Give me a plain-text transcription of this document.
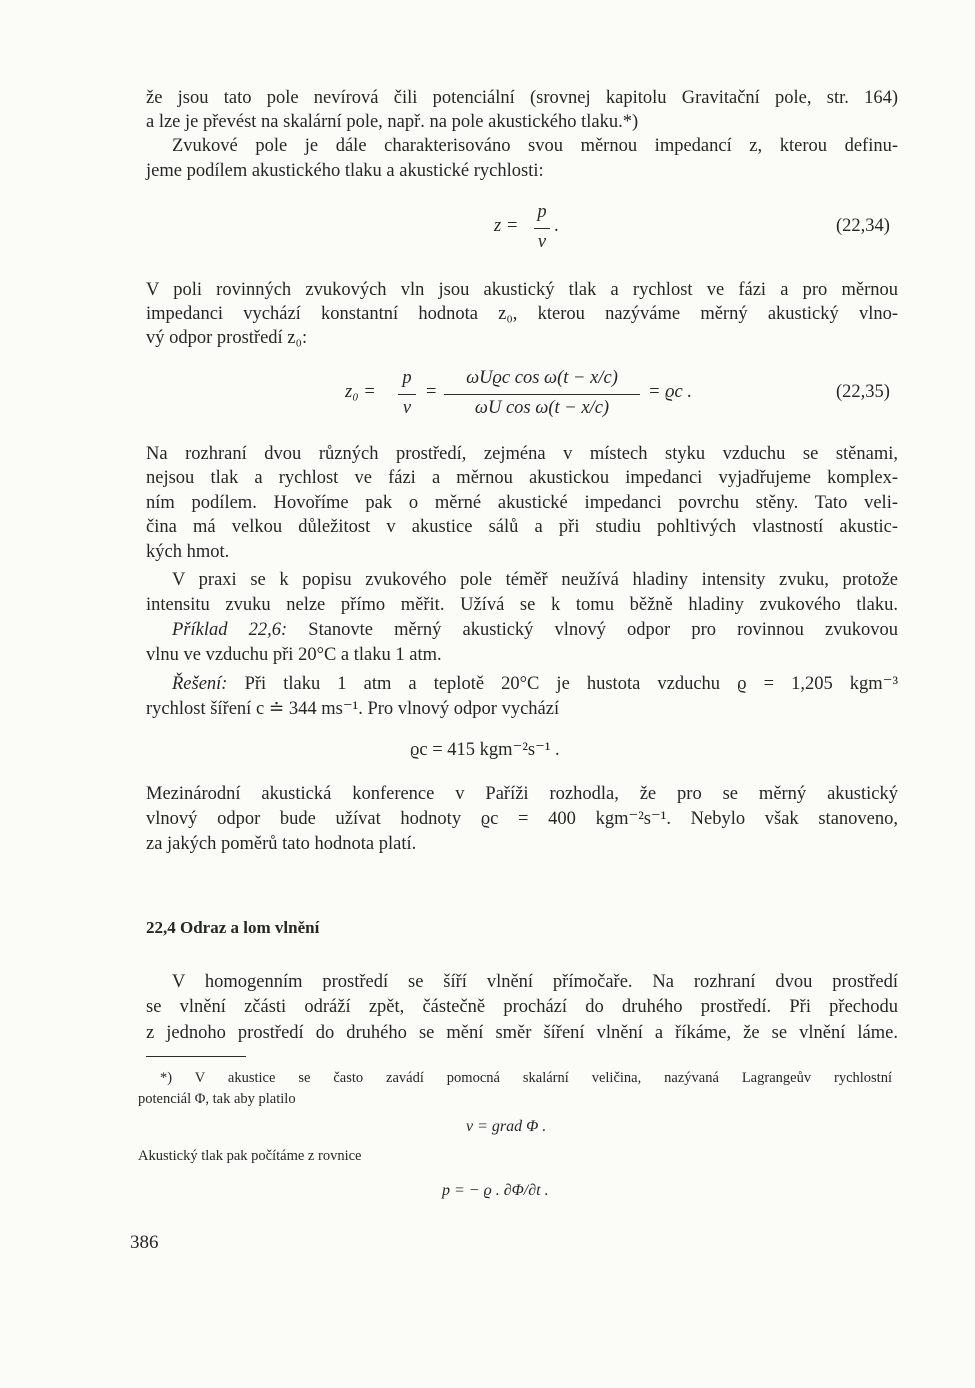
že jsou tato pole nevírová čili potenciální (srovnej kapitolu Gravitační pole, str. 164)
a lze je převést na skalární pole, např. na pole akustického tlaku.*)
Zvukové pole je dále charakterisováno svou měrnou impedancí z, kterou definu-
jeme podílem akustického tlaku a akustické rychlosti:
z =
p
v
.	(22,34)
V poli rovinných zvukových vln jsou akustický tlak a rychlost ve fázi a pro měrnou
impedanci vychází konstantní hodnota z₀, kterou nazýváme měrný akustický vlno-
vý odpor prostředí z₀:
z₀ =
p
v
=
ωUϱc cos ω(t − x/c)
ωU cos ω(t − x/c)
= ϱc .	(22,35)
Na rozhraní dvou různých prostředí, zejména v místech styku vzduchu se stěnami,
nejsou tlak a rychlost ve fázi a měrnou akustickou impedanci vyjadřujeme komplex-
ním podílem. Hovoříme pak o měrné akustické impedanci povrchu stěny. Tato veli-
čina má velkou důležitost v akustice sálů a při studiu pohltivých vlastností akustic-
kých hmot.
V praxi se k popisu zvukového pole téměř neužívá hladiny intensity zvuku, protože
intensitu zvuku nelze přímo měřit. Užívá se k tomu běžně hladiny zvukového tlaku.
Příklad 22,6: Stanovte měrný akustický vlnový odpor pro rovinnou zvukovou
vlnu ve vzduchu při 20°C a tlaku 1 atm.
Řešení: Při tlaku 1 atm a teplotě 20°C je hustota vzduchu ϱ = 1,205 kgm⁻³
rychlost šíření c ≐ 344 ms⁻¹. Pro vlnový odpor vychází
ϱc = 415 kgm⁻²s⁻¹ .
Mezinárodní akustická konference v Paříži rozhodla, že pro se měrný akustický
vlnový odpor bude užívat hodnoty ϱc = 400 kgm⁻²s⁻¹. Nebylo však stanoveno,
za jakých poměrů tato hodnota platí.
22,4 Odraz a lom vlnění
V homogenním prostředí se šíří vlnění přímočaře. Na rozhraní dvou prostředí
se vlnění zčásti odráží zpět, částečně prochází do druhého prostředí. Při přechodu
z jednoho prostředí do druhého se mění směr šíření vlnění a říkáme, že se vlnění láme.
*) V akustice se často zavádí pomocná skalární veličina, nazývaná Lagrangeův rychlostní
potenciál Φ, tak aby platilo
v = grad Φ .
Akustický tlak pak počítáme z rovnice
p = − ϱ . ∂Φ/∂t .
386
